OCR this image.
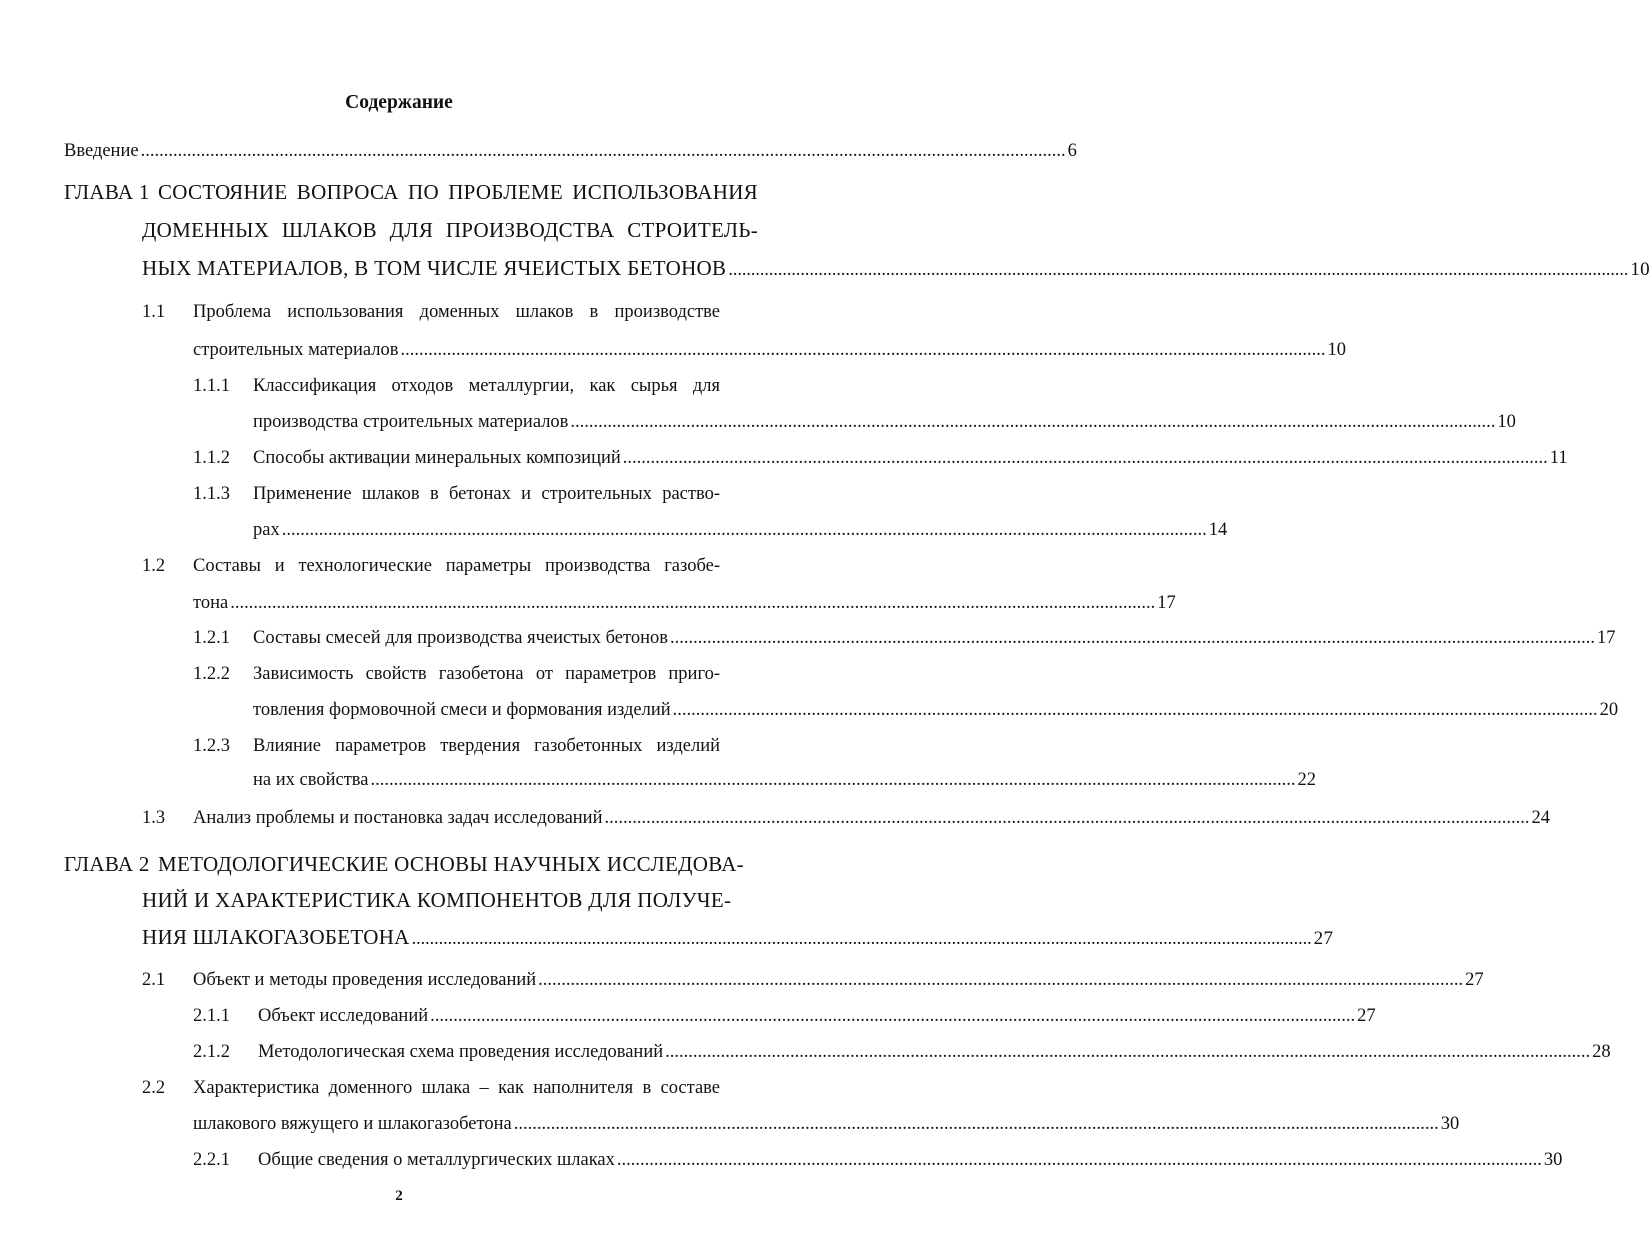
Содержание
Введение ........................................................................................................................................................................................................ 6
ГЛАВА 1 СОСТОЯНИЕ ВОПРОСА ПО ПРОБЛЕМЕ ИСПОЛЬЗОВАНИЯ
ДОМЕННЫХ ШЛАКОВ ДЛЯ ПРОИЗВОДСТВА СТРОИТЕЛЬ-
НЫХ МАТЕРИАЛОВ, В ТОМ ЧИСЛЕ ЯЧЕИСТЫХ БЕТОНОВ ........................................................................................................................................................................................................ 10
1.1 Проблема использования доменных шлаков в производстве
строительных материалов ........................................................................................................................................................................................................ 10
1.1.1 Классификация отходов металлургии, как сырья для
производства строительных материалов ........................................................................................................................................................................................................ 10
1.1.2 Способы активации минеральных композиций ........................................................................................................................................................................................................ 11
1.1.3 Применение шлаков в бетонах и строительных раство-
рах ........................................................................................................................................................................................................ 14
1.2 Составы и технологические параметры производства газобе-
тона ........................................................................................................................................................................................................ 17
1.2.1 Составы смесей для производства ячеистых бетонов ........................................................................................................................................................................................................ 17
1.2.2 Зависимость свойств газобетона от параметров приго-
товления формовочной смеси и формования изделий ........................................................................................................................................................................................................ 20
1.2.3 Влияние параметров твердения газобетонных изделий
на их свойства ........................................................................................................................................................................................................ 22
1.3 Анализ проблемы и постановка задач исследований ........................................................................................................................................................................................................ 24
ГЛАВА 2 МЕТОДОЛОГИЧЕСКИЕ ОСНОВЫ НАУЧНЫХ ИССЛЕДОВА-
НИЙ И ХАРАКТЕРИСТИКА КОМПОНЕНТОВ ДЛЯ ПОЛУЧЕ-
НИЯ ШЛАКОГАЗОБЕТОНА ........................................................................................................................................................................................................ 27
2.1 Объект и методы проведения исследований ........................................................................................................................................................................................................ 27
2.1.1 Объект исследований ........................................................................................................................................................................................................ 27
2.1.2 Методологическая схема проведения исследований ........................................................................................................................................................................................................ 28
2.2 Характеристика доменного шлака – как наполнителя в составе
шлакового вяжущего и шлакогазобетона ........................................................................................................................................................................................................ 30
2.2.1 Общие сведения о металлургических шлаках ........................................................................................................................................................................................................ 30
2
